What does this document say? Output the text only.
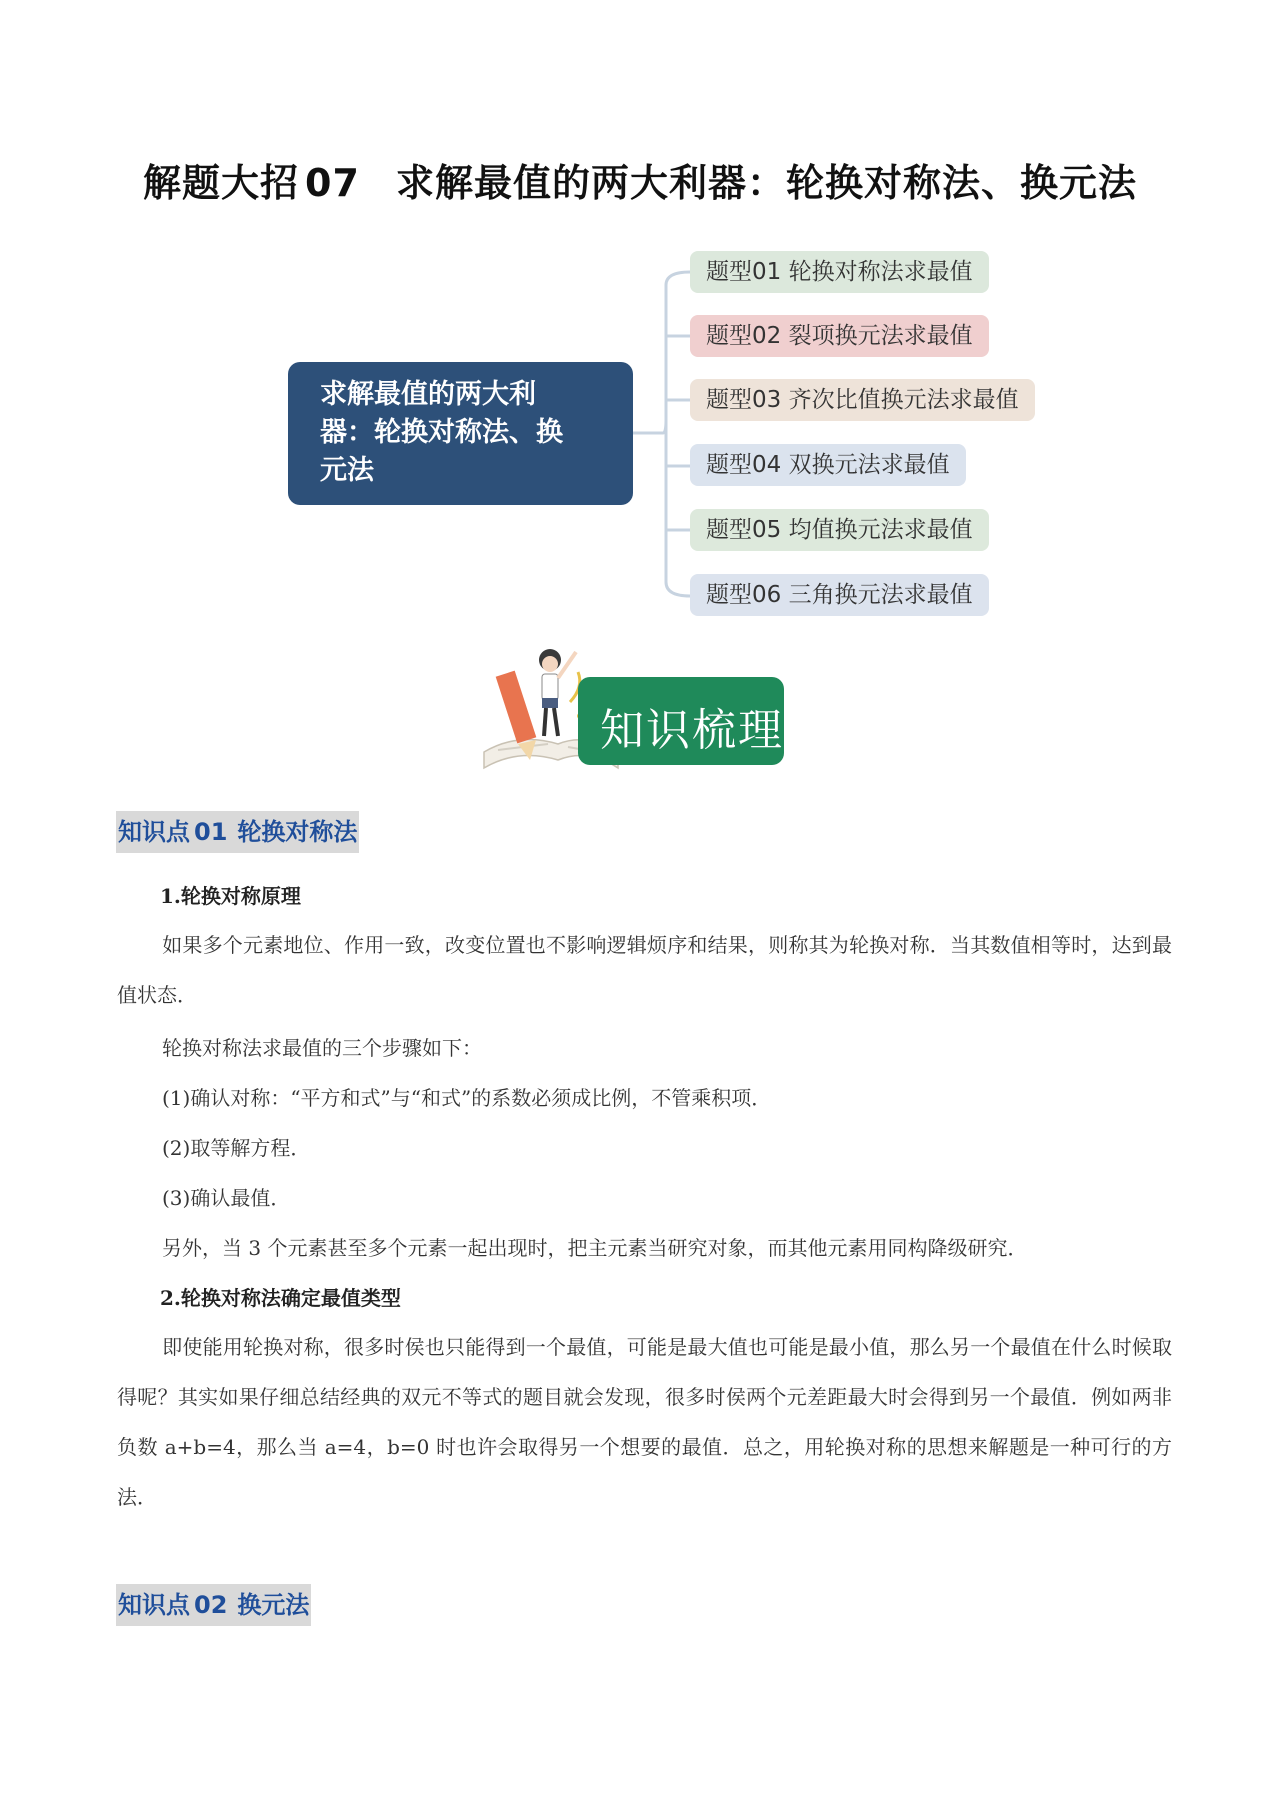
解题大招 07 求解最值的两大利器：轮换对称法、换元法
求解最值的两大利
器：轮换对称法、换
元法
题型01 轮换对称法求最值
题型02 裂项换元法求最值
题型03 齐次比值换元法求最值
题型04 双换元法求最值
题型05 均值换元法求最值
题型06 三角换元法求最值
知识梳理
知识点 01 轮换对称法
1.轮换对称原理
如果多个元素地位、作用一致，改变位置也不影响逻辑烦序和结果，则称其为轮换对称．当其数值相等时，达到最值状态．
轮换对称法求最值的三个步骤如下：
(1)确认对称：“平方和式”与“和式”的系数必须成比例，不管乘积项．
(2)取等解方程．
(3)确认最值．
另外，当 3 个元素甚至多个元素一起出现时，把主元素当研究对象，而其他元素用同构降级研究．
2.轮换对称法确定最值类型
即使能用轮换对称，很多时侯也只能得到一个最值，可能是最大值也可能是最小值，那么另一个最值在什么时候取得呢？其实如果仔细总结经典的双元不等式的题目就会发现，很多时侯两个元差距最大时会得到另一个最值．例如两非负数 a+b=4，那么当 a=4，b=0 时也许会取得另一个想要的最值．总之，用轮换对称的思想来解题是一种可行的方法．
知识点 02 换元法
